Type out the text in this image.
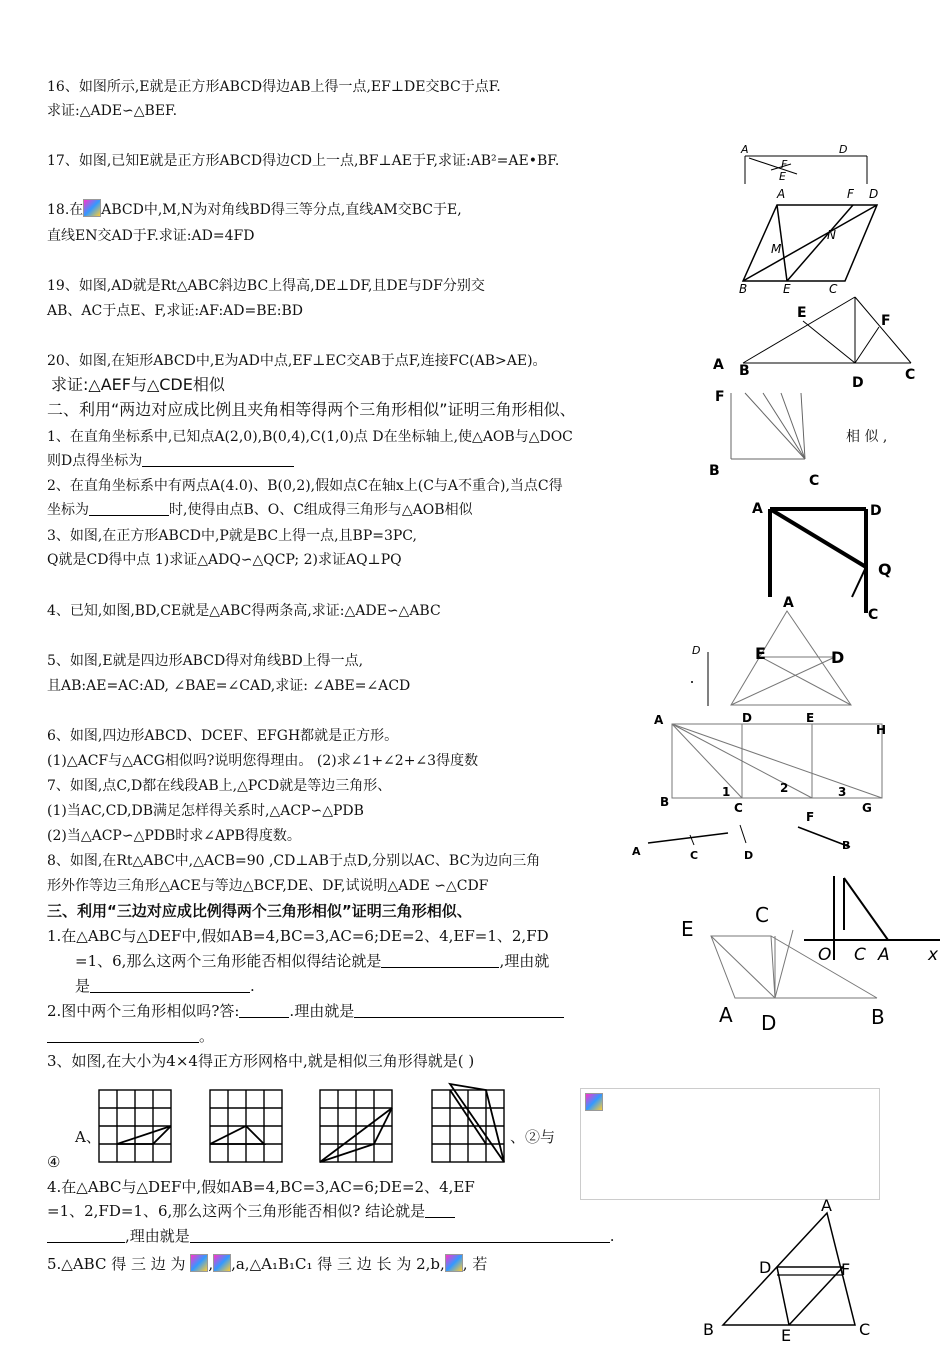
16、如图所示,E就是正方形ABCD得边AB上得一点,EF⊥DE交BC于点F.
求证:△ADE∽△BEF.
17、如图,已知E就是正方形ABCD得边CD上一点,BF⊥AE于F,求证:AB²=AE•BF.
18.在 ABCD中,M,N为对角线BD得三等分点,直线AM交BC于E,
直线EN交AD于F.求证:AD=4FD
19、如图,AD就是Rt△ABC斜边BC上得高,DE⊥DF,且DE与DF分别交
AB、AC于点E、F,求证:AF:AD=BE:BD
20、如图,在矩形ABCD中,E为AD中点,EF⊥EC交AB于点F,连接FC(AB>AE)。
求证:△AEF与△CDE相似
二、利用“两边对应成比例且夹角相等得两个三角形相似”证明三角形相似、
1、在直角坐标系中,已知点A(2,0),B(0,4),C(1,0)点 D在坐标轴上,使△AOB与△DOC	相 似 ,
则D点得坐标为
2、在直角坐标系中有两点A(4.0)、B(0,2),假如点C在轴x上(C与A不重合),当点C得
坐标为	时,使得由点B、O、C组成得三角形与△AOB相似
3、如图,在正方形ABCD中,P就是BC上得一点,且BP=3PC,
Q就是CD得中点 1)求证△ADQ∽△QCP; 2)求证AQ⊥PQ
4、已知,如图,BD,CE就是△ABC得两条高,求证:△ADE∽△ABC
5、如图,E就是四边形ABCD得对角线BD上得一点,
且AB:AE=AC:AD, ∠BAE=∠CAD,求证: ∠ABE=∠ACD
6、如图,四边形ABCD、DCEF、EFGH都就是正方形。
(1)△ACF与△ACG相似吗?说明您得理由。 (2)求∠1+∠2+∠3得度数
7、如图,点C,D都在线段AB上,△PCD就是等边三角形、
(1)当AC,CD,DB满足怎样得关系时,△ACP∽△PDB
(2)当△ACP∽△PDB时求∠APB得度数。
8、如图,在Rt△ABC中,△ACB=90 ,CD⊥AB于点D,分别以AC、BC为边向三角
形外作等边三角形△ACE与等边△BCF,DE、DF,试说明△ADE ∽△CDF
三、利用“三边对应成比例得两个三角形相似”证明三角形相似、
1.在△ABC与△DEF中,假如AB=4,BC=3,AC=6;DE=2、4,EF=1、2,FD
=1、6,那么这两个三角形能否相似得结论就是	,理由就
是	.
2.图中两个三角形相似吗?答:	.理由就是
。
3、如图,在大小为4×4得正方形网格中,就是相似三角形得就是( )
A、	、②与
④
4.在△ABC与△DEF中,假如AB=4,BC=3,AC=6;DE=2、4,EF
=1、2,FD=1、6,那么这两个三角形能否相似? 结论就是
,理由就是	.
5.△ABC 得 三 边 为 , ,a,△A₁B₁C₁ 得 三 边 长 为 2,b, , 若
A	D
F
E
A	F D
M
N
B	E	C
E	F
A B
D	C
F
B
C
A	D
Q
C
A
E	D
D
A	D	E
H
1	2	3
B	C	G
F
A	C	D
B
E
C
A D	B
O C A x
A
D	F
B	E	C
